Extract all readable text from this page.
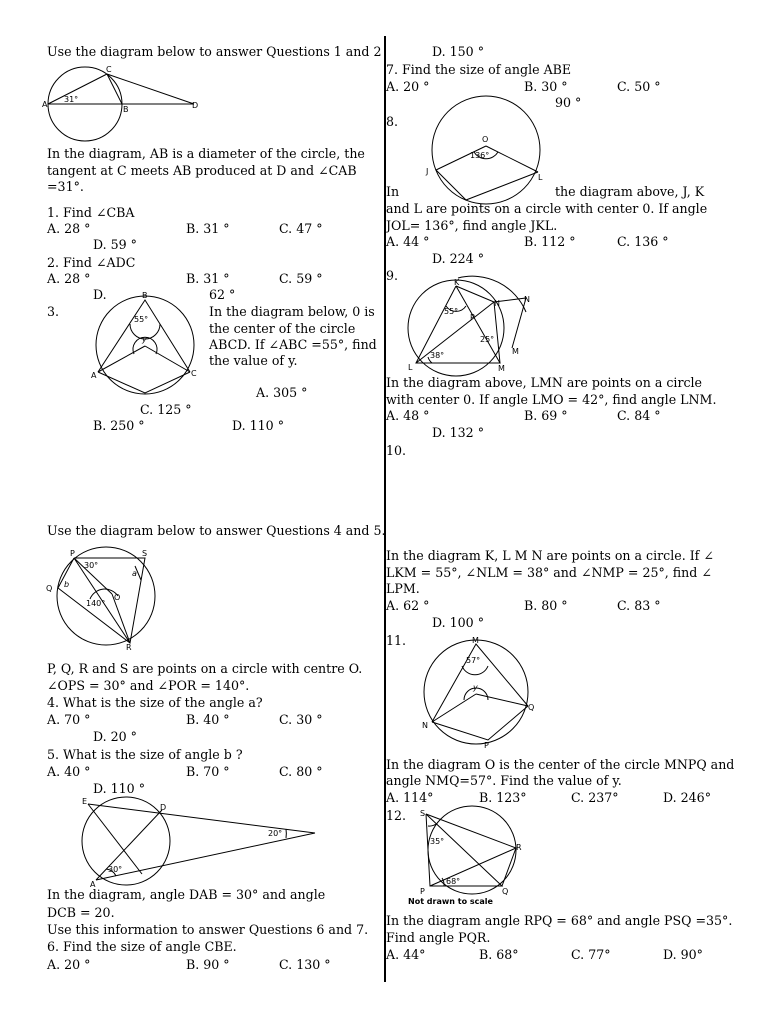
Use the diagram below to answer Questions 1 and 2
C
A
31°
B	D
In the diagram, AB is a diameter of the circle, the
tangent at C meets AB produced at D and ∠CAB
=31°.
1. Find ∠CBA
A. 28 °	B. 31 °	C. 47 °
D. 59 °
2. Find ∠ADC
A. 28 °	B. 31 °	C. 59 °
D.	62 °
3.
B
55°
y
A	C
In the diagram below, 0 is
the center of the circle
ABCD. If ∠ABC =55°, find
the value of y.
A. 305 °
C. 125 °
B. 250 °	D. 110 °
Use the diagram below to answer Questions 4 and 5.
P
30°
S
Q
a
b
140°
O
R
P, Q, R and S are points on a circle with centre O.
∠OPS = 30° and ∠POR = 140°.
4. What is the size of the angle a?
A. 70 °	B. 40 °	C. 30 °
D. 20 °
5. What is the size of angle b ?
A. 40 °	B. 70 °	C. 80 °
D. 110 °
E
D
20°
30°
A
In the diagram, angle DAB = 30° and angle
DCB = 20.
Use this information to answer Questions 6 and 7.
6. Find the size of angle CBE.
A. 20 °	B. 90 °	C. 130 °
D. 150 °
7. Find the size of angle ABE
A. 20 °	B. 30 °	C. 50 °
90 °
8.
O
136°
J
L
In	the diagram above, J, K
and L are points on a circle with center 0. If angle
JOL= 136°, find angle JKL.
A. 44 °	B. 112 °	C. 136 °
D. 224 °
9.	K
55°
N	N
P
25°
38°
L	M
M
In the diagram above, LMN are points on a circle
with center 0. If angle LMO = 42°, find angle LNM.
A. 48 °	B. 69 °	C. 84 °
D. 132 °
10.
In the diagram K, L M N are points on a circle. If ∠
LKM = 55°, ∠NLM = 38° and ∠NMP = 25°, find ∠
LPM.
A. 62 °	B. 80 °	C. 83 °
D. 100 °
11.	M
57°
y
Q
N
P
In the diagram O is the center of the circle MNPQ and
angle NMQ=57°. Find the value of y.
A. 114°	B. 123°	C. 237°	D. 246°
12. S
35°
R
68°
P	Q
Not drawn to scale
In the diagram angle RPQ = 68° and angle PSQ =35°.
Find angle PQR.
A. 44°	B. 68°	C. 77°	D. 90°
